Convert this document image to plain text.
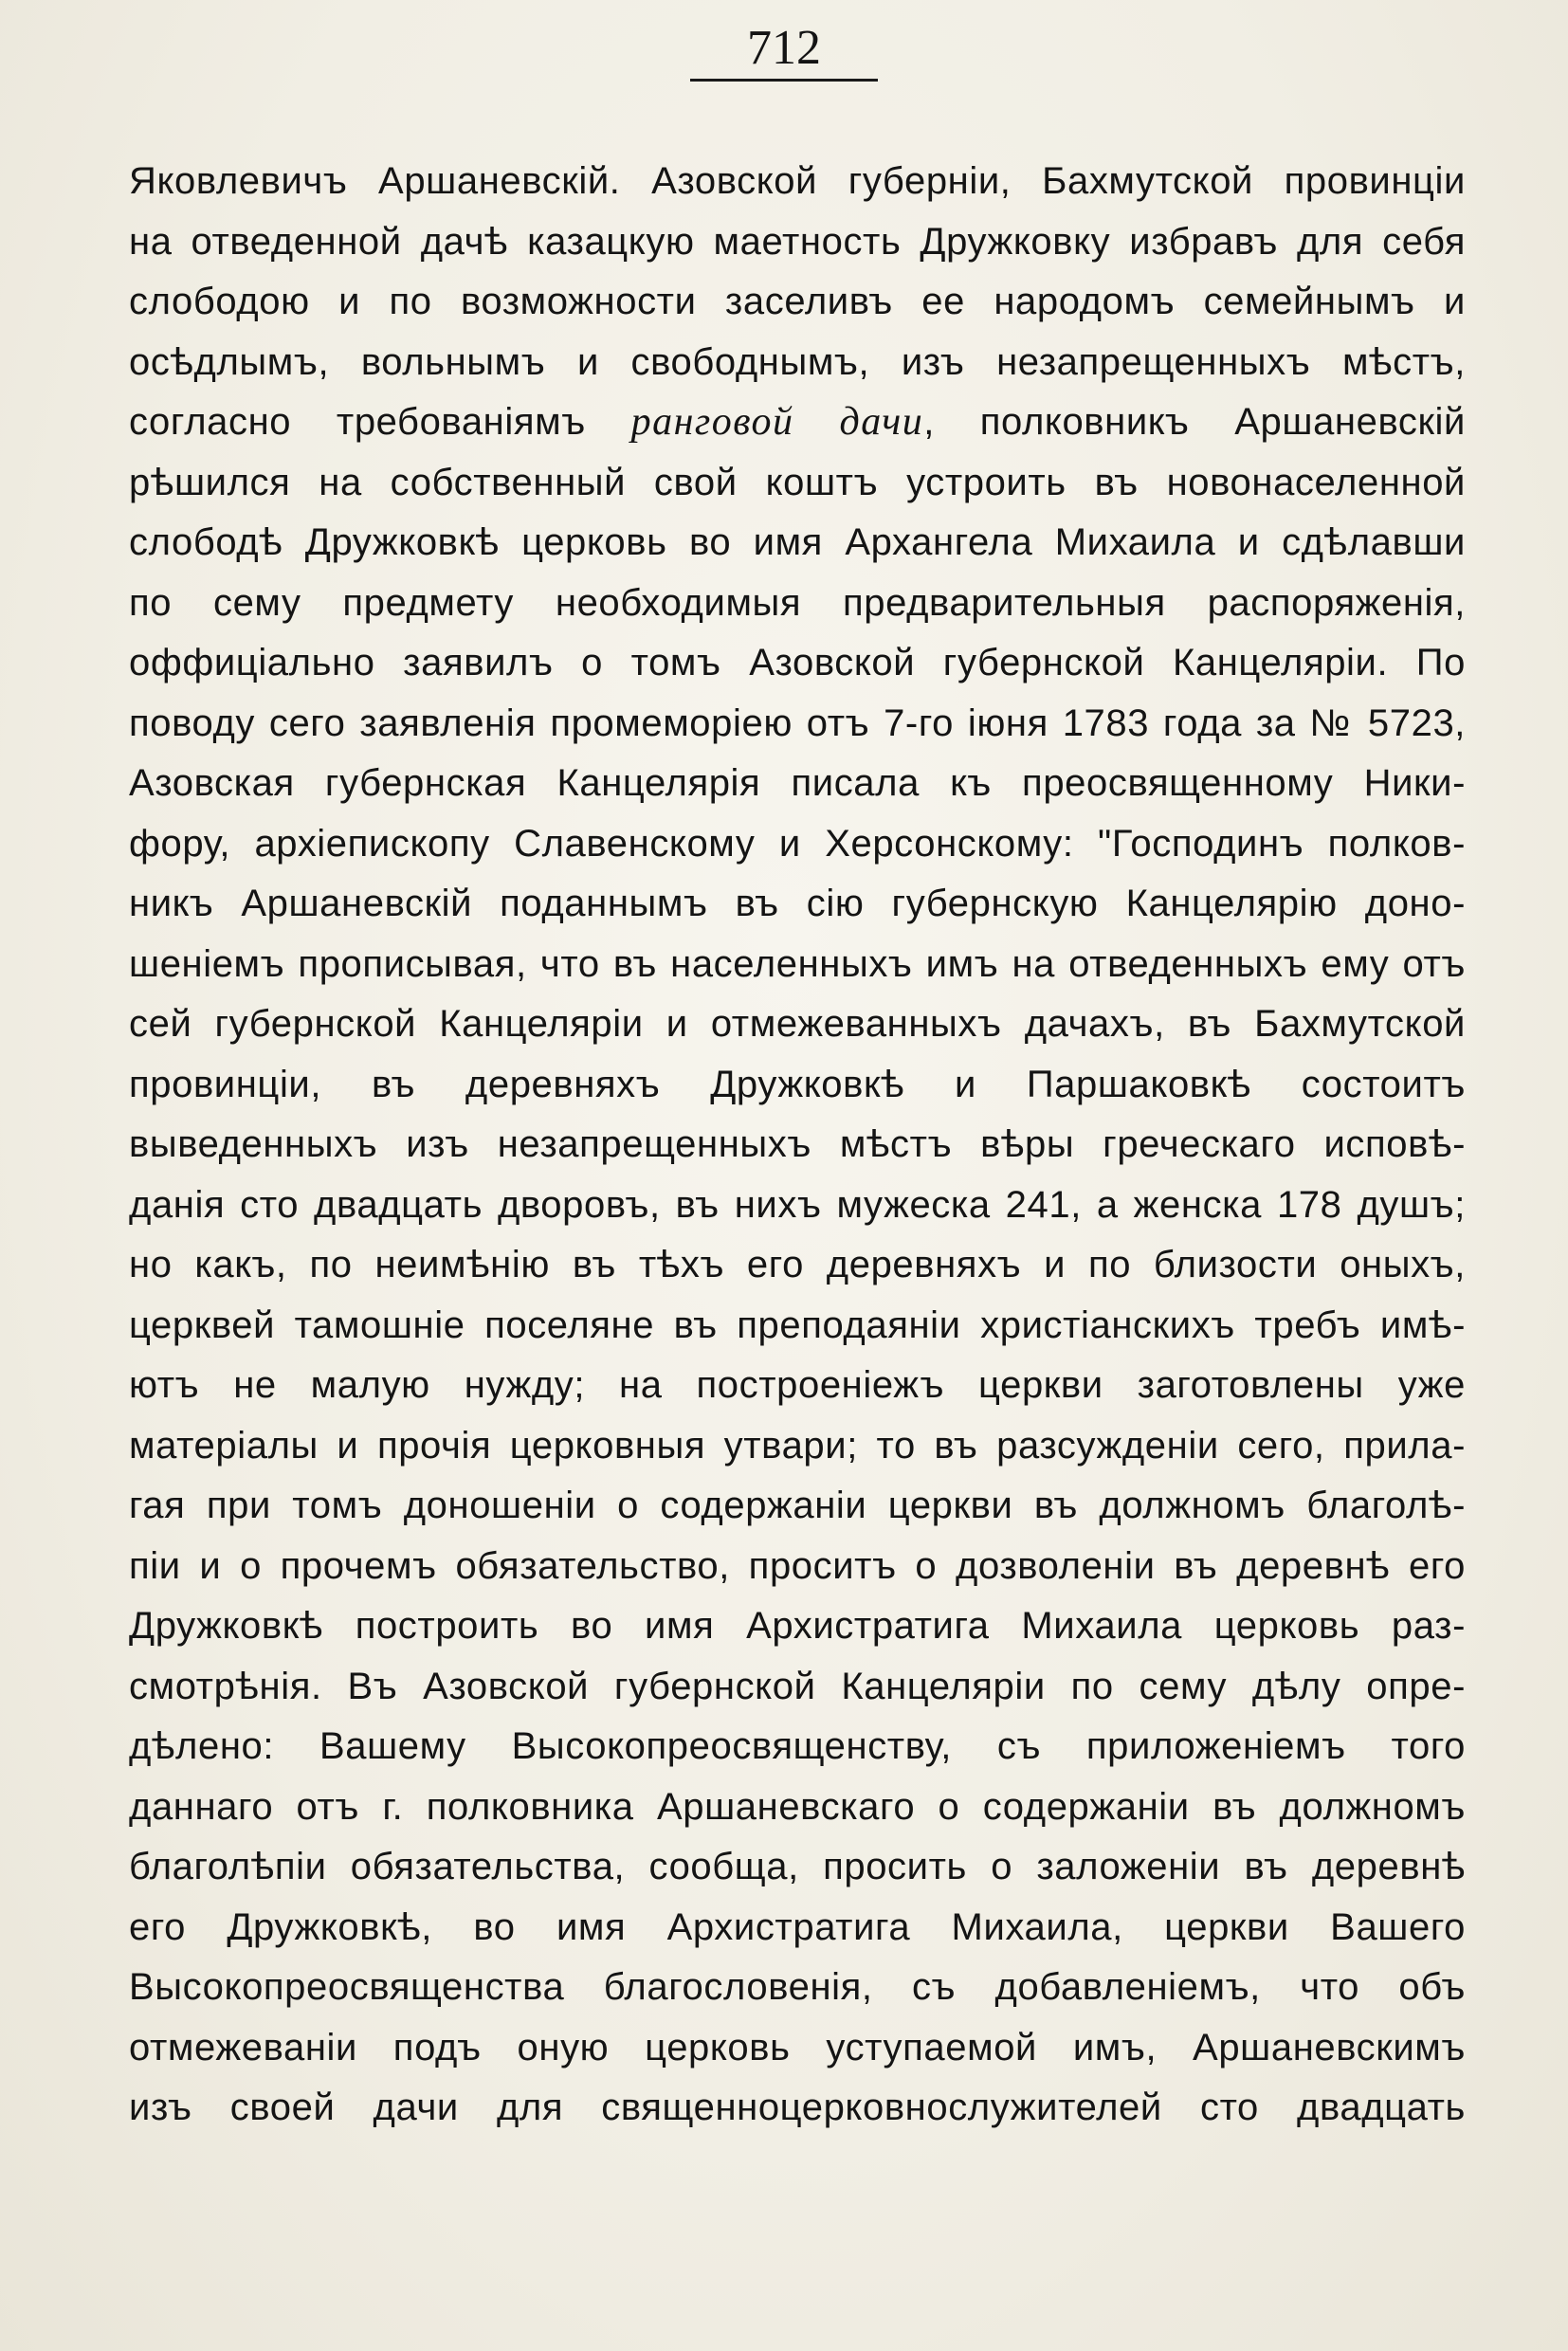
712
Яковлевичъ Аршаневскій. Азовской губерніи, Бахмутской провинціи
на отведенной дачѣ казацкую маетность Дружковку избравъ для себя
слободою и по возможности заселивъ ее народомъ семейнымъ и
осѣдлымъ, вольнымъ и свободнымъ, изъ незапрещенныхъ мѣстъ,
согласно требованіямъ ранговой дачи, полковникъ Аршаневскій
рѣшился на собственный свой коштъ устроить въ новонаселенной
слободѣ Дружковкѣ церковь во имя Архангела Михаила и сдѣлавши
по сему предмету необходимыя предварительныя распоряженія,
оффиціально заявилъ о томъ Азовской губернской Канцеляріи. По
поводу сего заявленія промеморіею отъ 7-го іюня 1783 года за № 5723,
Азовская губернская Канцелярія писала къ преосвященному Ники-
фору, архіепископу Славенскому и Херсонскому: "Господинъ полков-
никъ Аршаневскій поданнымъ въ сію губернскую Канцелярію доно-
шеніемъ прописывая, что въ населенныхъ имъ на отведенныхъ ему отъ
сей губернской Канцеляріи и отмежеванныхъ дачахъ, въ Бахмутской
провинціи, въ деревняхъ Дружковкѣ и Паршаковкѣ состоитъ
выведенныхъ изъ незапрещенныхъ мѣстъ вѣры греческаго исповѣ-
данія сто двадцать дворовъ, въ нихъ мужеска 241, а женска 178 душъ;
но какъ, по неимѣнію въ тѣхъ его деревняхъ и по близости оныхъ,
церквей тамошніе поселяне въ преподаяніи христіанскихъ требъ имѣ-
ютъ не малую нужду; на построеніежъ церкви заготовлены уже
матеріалы и прочія церковныя утвари; то въ разсужденіи сего, прила-
гая при томъ доношеніи о содержаніи церкви въ должномъ благолѣ-
піи и о прочемъ обязательство, проситъ о дозволеніи въ деревнѣ его
Дружковкѣ построить во имя Архистратига Михаила церковь раз-
смотрѣнія. Въ Азовской губернской Канцеляріи по сему дѣлу опре-
дѣлено: Вашему Высокопреосвященству, съ приложеніемъ того
даннаго отъ г. полковника Аршаневскаго о содержаніи въ должномъ
благолѣпіи обязательства, сообща, просить о заложеніи въ деревнѣ
его Дружковкѣ, во имя Архистратига Михаила, церкви Вашего
Высокопреосвященства благословенія, съ добавленіемъ, что объ
отмежеваніи подъ оную церковь уступаемой имъ, Аршаневскимъ
изъ своей дачи для священноцерковнослужителей сто двадцать
